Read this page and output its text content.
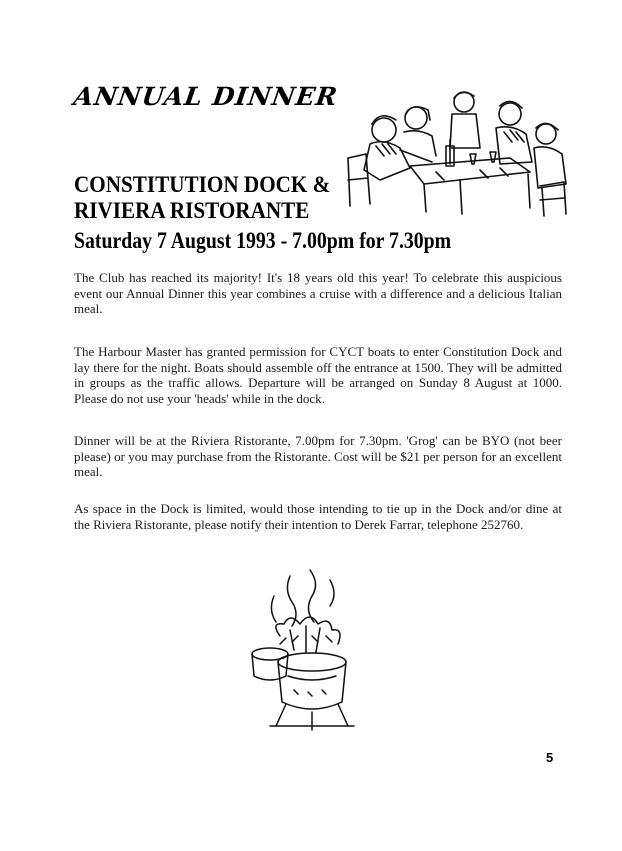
ANNUAL DINNER
CONSTITUTION DOCK &
RIVIERA RISTORANTE
Saturday 7 August 1993 - 7.00pm for 7.30pm

The Club has reached its majority! It's 18 years old this year! To celebrate this auspicious event our Annual Dinner this year combines a cruise with a difference and a delicious Italian meal.

The Harbour Master has granted permission for CYCT boats to enter Constitution Dock and lay there for the night. Boats should assemble off the entrance at 1500. They will be admitted in groups as the traffic allows. Departure will be arranged on Sunday 8 August at 1000. Please do not use your 'heads' while in the dock.

Dinner will be at the Riviera Ristorante, 7.00pm for 7.30pm. 'Grog' can be BYO (not beer please) or you may purchase from the Ristorante. Cost will be $21 per person for an excellent meal.

As space in the Dock is limited, would those intending to tie up in the Dock and/or dine at the Riviera Ristorante, please notify their intention to Derek Farrar, telephone 252760.

5
